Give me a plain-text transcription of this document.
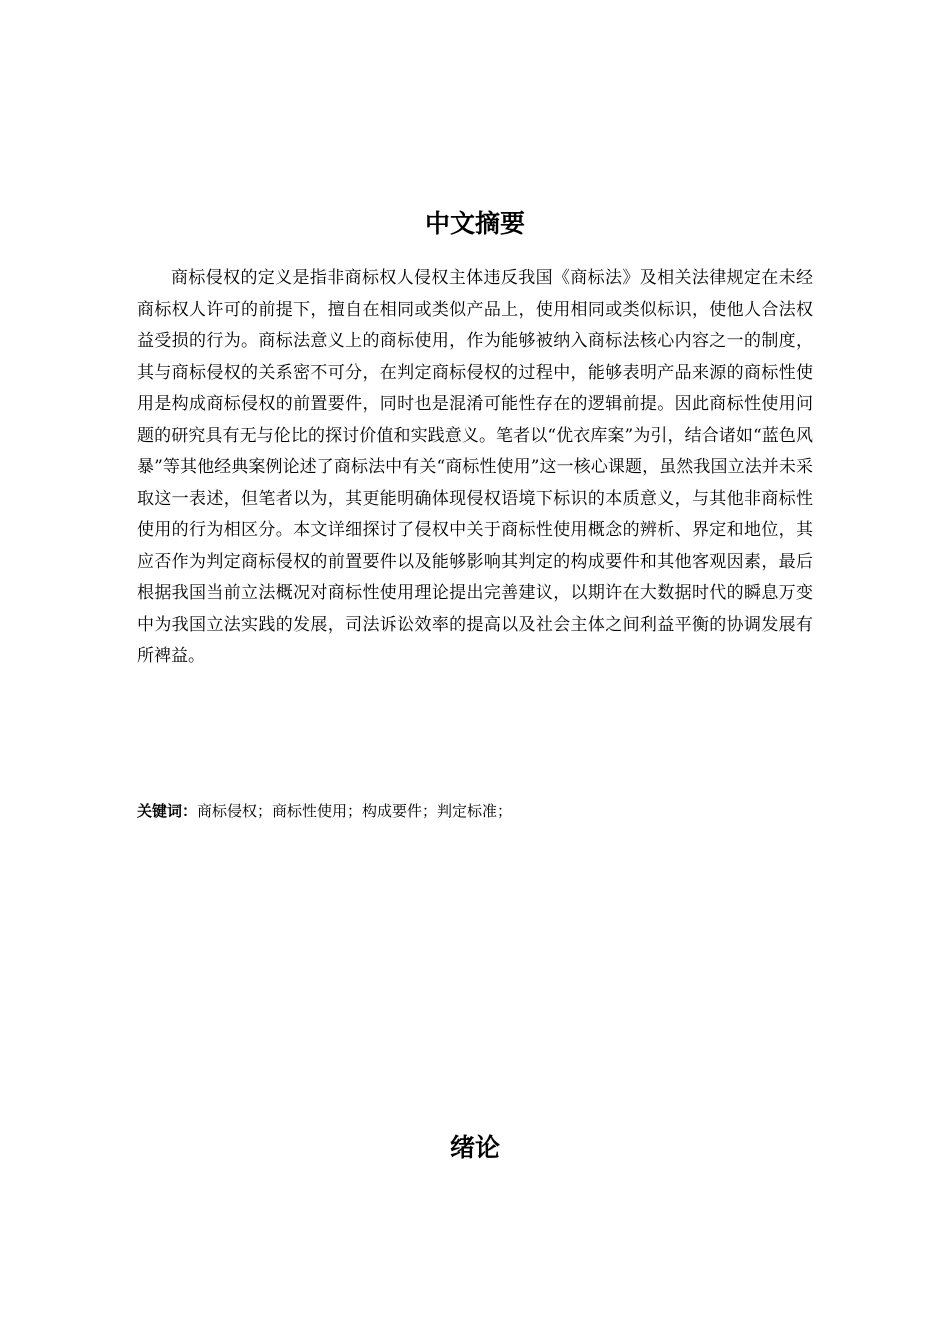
中文摘要

商标侵权的定义是指非商标权人侵权主体违反我国《商标法》及相关法律规定在未经商标权人许可的前提下，擅自在相同或类似产品上，使用相同或类似标识，使他人合法权益受损的行为。商标法意义上的商标使用，作为能够被纳入商标法核心内容之一的制度，其与商标侵权的关系密不可分，在判定商标侵权的过程中，能够表明产品来源的商标性使用是构成商标侵权的前置要件，同时也是混淆可能性存在的逻辑前提。因此商标性使用问题的研究具有无与伦比的探讨价值和实践意义。笔者以“优衣库案”为引，结合诸如“蓝色风暴”等其他经典案例论述了商标法中有关“商标性使用”这一核心课题，虽然我国立法并未采取这一表述，但笔者以为，其更能明确体现侵权语境下标识的本质意义，与其他非商标性使用的行为相区分。本文详细探讨了侵权中关于商标性使用概念的辨析、界定和地位，其应否作为判定商标侵权的前置要件以及能够影响其判定的构成要件和其他客观因素，最后根据我国当前立法概况对商标性使用理论提出完善建议，以期许在大数据时代的瞬息万变中为我国立法实践的发展，司法诉讼效率的提高以及社会主体之间利益平衡的协调发展有所裨益。

关键词：商标侵权；商标性使用；构成要件；判定标准；

绪论
